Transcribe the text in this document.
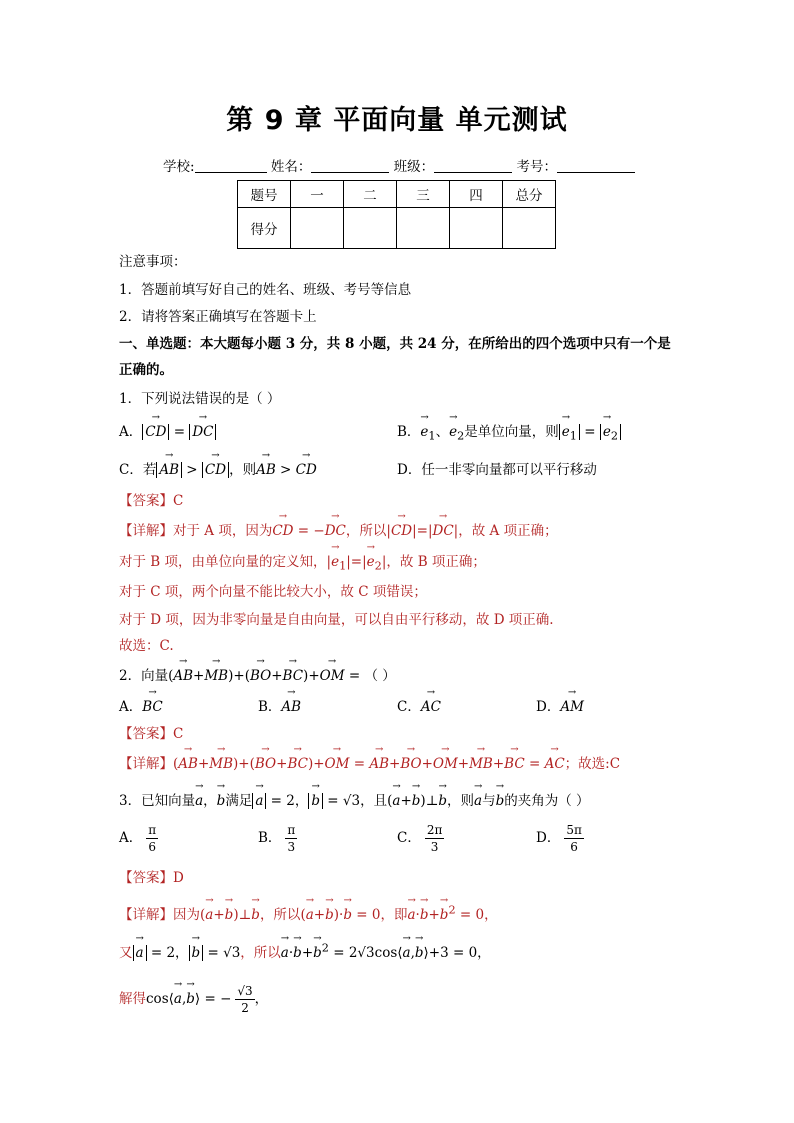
第 9 章 平面向量 单元测试
学校:	姓名：	班级：	考号：
题号	一	二	三	四	总分
得分					
注意事项：
1．答题前填写好自己的姓名、班级、考号等信息
2．请将答案正确填写在答题卡上
一、单选题：本大题每小题 3 分，共 8 小题，共 24 分，在所给出的四个选项中只有一个是
正确的。
1．下列说法错误的是（ ）
A． → CD = → DC	B．→ $e_1$、→ $e_2$是单位向量，则 → $e_1$ = → $e_2$
C．若 → AB > → CD ，则→ AB > → CD	D．任一非零向量都可以平行移动
【答案】C
【详解】对于 A 项，因为→ CD = −→ DC，所以|→ CD|=|→ DC|，故 A 项正确；
对于 B 项，由单位向量的定义知，|→ $e_1|=|\to e_2|$，故 B 项正确；
对于 C 项，两个向量不能比较大小，故 C 项错误；
对于 D 项，因为非零向量是自由向量，可以自由平行移动，故 D 项正确.
故选：C.
2．向量(→ AB+→ MB)+(→ BO+→ BC)+→ OM = （ ）
A．→ BC	B．→ AB	C．→ AC	D．→ AM
【答案】C
【详解】(→ AB+→ MB)+(→ BO+→ BC)+→ OM = → AB+→ BO+→ OM+→ MB+→ BC = → AC；故选:C
3．已知向量→ a，→ b满足 → a = 2， → b = √3，且(→ a+→ b)⊥→ b，则→ a与→ b的夹角为（ ）
A． $\frac{\pi}{6}$	B． $\frac{\pi}{3}$	C． $\frac{2\pi}{3}$	D． $\frac{5\pi}{6}$
【答案】D
【详解】因为(→ a+→ b)⊥→ b，所以(→ a+→ b)·→ b = 0，即→ $a\cdot\to b+\to b^2 = 0$，
又 → a = 2， → b = √3，所以→ $a\cdot\to b+\to b^2$ = 2√3cos⟨→ a,→ b⟩+3 = 0，
解得cos⟨→ a,→ b⟩ = − $\frac{√3}{2}$ ，
